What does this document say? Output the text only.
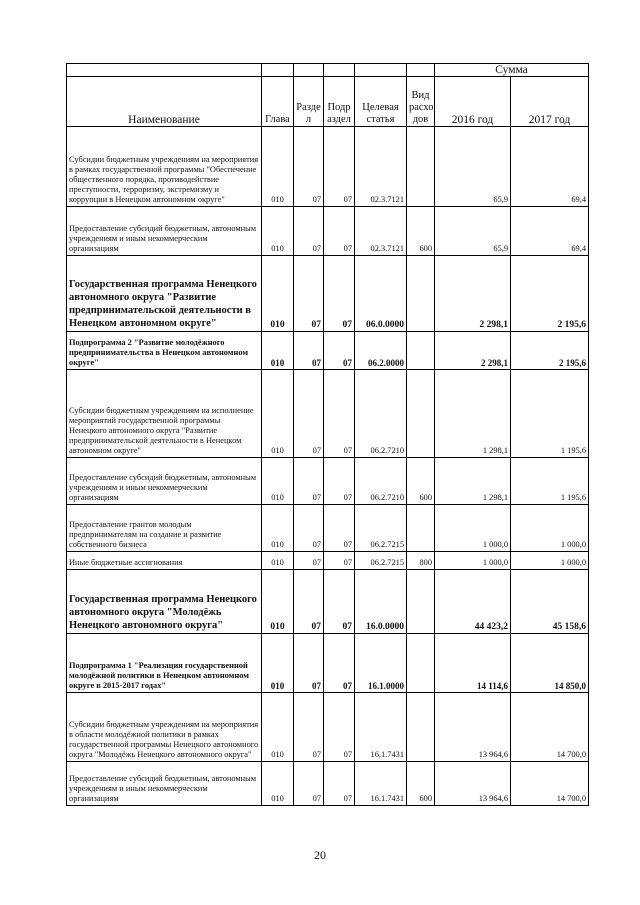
						Сумма	
Наименование	Глава	Разде л	Подр аздел	Целевая статья	Вид расхо дов	2016 год	2017 год

Субсидии бюджетным учреждениям на мероприятия в рамках государственной программы "Обеспечение общественного порядка, противодействие преступности, терроризму, экстремизму и коррупции в Ненецком автономном округе"	010	07	07	02.3.7121		65,9	69,4

Предоставление субсидий бюджетным, автономным учреждениям и иным некоммерческим организациям	010	07	07	02.3.7121	600	65,9	69,4

Государственная программа Ненецкого автономного округа "Развитие предпринимательской деятельности в Ненецком автономном округе"	010	07	07	06.0.0000		2 298,1	2 195,6

Подпрограмма 2 "Развитие молодёжного предпринимательства в Ненецком автономном округе"	010	07	07	06.2.0000		2 298,1	2 195,6

Субсидии бюджетным учреждениям на исполнение мероприятий государственной программы Ненецкого автономного округа "Развитие предпринимательской деятельности в Ненецком автономном округе"	010	07	07	06.2.7210		1 298,1	1 195,6

Предоставление субсидий бюджетным, автономным учреждениям и иным некоммерческим организациям	010	07	07	06.2.7210	600	1 298,1	1 195,6

Предоставление грантов молодым предпринимателям на создание и развитие собственного бизнеса	010	07	07	06.2.7215		1 000,0	1 000,0

Иные бюджетные ассигнования	010	07	07	06.2.7215	800	1 000,0	1 000,0

Государственная программа Ненецкого автономного округа "Молодёжь Ненецкого автономного округа"	010	07	07	16.0.0000		44 423,2	45 158,6

Подпрограмма 1 "Реализация государственной молодёжной политики в Ненецком автономном округе в 2015-2017 годах"	010	07	07	16.1.0000		14 114,6	14 850,0

Субсидии бюджетным учреждениям на мероприятия в области молодёжной политики в рамках государственной программы Ненецкого автономного округа "Молодёжь Ненецкого автономного округа"	010	07	07	16.1.7431		13 964,6	14 700,0

Предоставление субсидий бюджетным, автономным учреждениям и иным некоммерческим организациям	010	07	07	16.1.7431	600	13 964,6	14 700,0
20
